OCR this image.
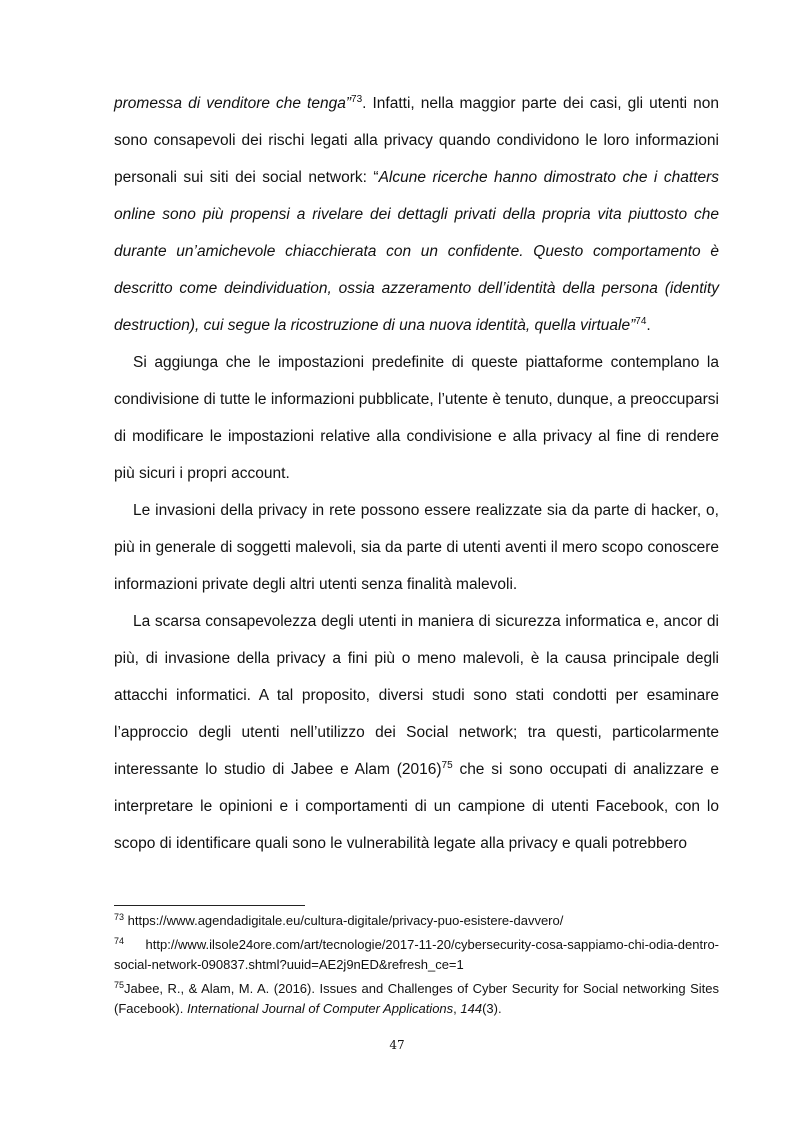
promessa di venditore che tenga”$^{73}$. Infatti, nella maggior parte dei casi, gli utenti non sono consapevoli dei rischi legati alla privacy quando condividono le loro informazioni personali sui siti dei social network: “Alcune ricerche hanno dimostrato che i chatters online sono più propensi a rivelare dei dettagli privati della propria vita piuttosto che durante un’amichevole chiacchierata con un confidente. Questo comportamento è descritto come deindividuation, ossia azzeramento dell’identità della persona (identity destruction), cui segue la ricostruzione di una nuova identità, quella virtuale”$^{74}$.

Si aggiunga che le impostazioni predefinite di queste piattaforme contemplano la condivisione di tutte le informazioni pubblicate, l’utente è tenuto, dunque, a preoccuparsi di modificare le impostazioni relative alla condivisione e alla privacy al fine di rendere più sicuri i propri account.

Le invasioni della privacy in rete possono essere realizzate sia da parte di hacker, o, più in generale di soggetti malevoli, sia da parte di utenti aventi il mero scopo conoscere informazioni private degli altri utenti senza finalità malevoli.

La scarsa consapevolezza degli utenti in maniera di sicurezza informatica e, ancor di più, di invasione della privacy a fini più o meno malevoli, è la causa principale degli attacchi informatici. A tal proposito, diversi studi sono stati condotti per esaminare l’approccio degli utenti nell’utilizzo dei Social network; tra questi, particolarmente interessante lo studio di Jabee e Alam $(2016)^{75}$ che si sono occupati di analizzare e interpretare le opinioni e i comportamenti di un campione di utenti Facebook, con lo scopo di identificare quali sono le vulnerabilità legate alla privacy e quali potrebbero

$^{73}$ https://www.agendadigitale.eu/cultura-digitale/privacy-puo-esistere-davvero/

$^{74}$ http://www.ilsole24ore.com/art/tecnologie/2017-11-20/cybersecurity-cosa-sappiamo-chi-odia-dentro-social-network-090837.shtml?uuid=AE2j9nED&refresh_ce=1

$^{75}$Jabee, R., & Alam, M. A. (2016). Issues and Challenges of Cyber Security for Social networking Sites (Facebook). International Journal of Computer Applications, 144(3).

47
